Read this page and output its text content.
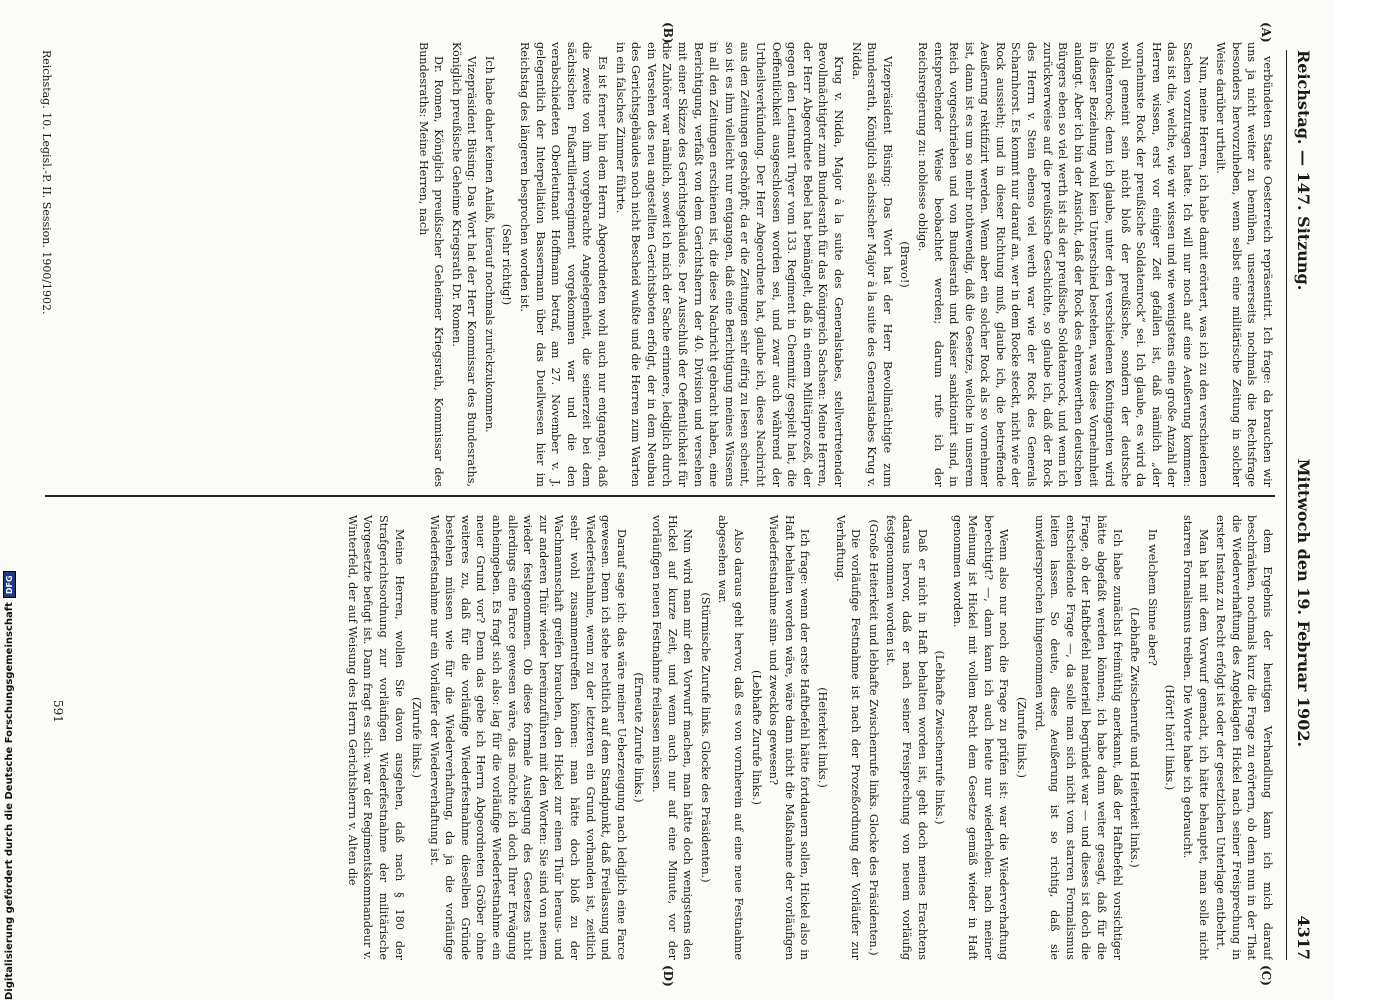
Reichstag. — 147. Sitzung.
Mittwoch den 19. Februar 1902.
4317
(A)
(B)
(C)
(D)
verbündeten Staate Oesterreich repräsentirt. Ich frage: da brauchen wir uns ja nicht weiter zu bemühen, unsererseits nochmals die Rechtsfrage besonders hervorzuheben, wenn selbst eine militärische Zeitung in solcher Weise darüber urtheilt.
Nun, meine Herren, ich habe damit erörtert, was ich zu den verschiedenen Sachen vorzutragen hatte. Ich will nur noch auf eine Aeußerung kommen: das ist die, welche, wie wir wissen und wie wenigstens eine große Anzahl der Herren wissen, erst vor einiger Zeit gefallen ist, daß nämlich „der vornehmste Rock der preußische Soldatenrock“ sei. Ich glaube, es wird da wohl gemeint sein nicht bloß der preußische, sondern der deutsche Soldatenrock; denn ich glaube, unter den verschiedenen Kontingenten wird in dieser Beziehung wohl kein Unterschied bestehen, was diese Vornehmheit anlangt. Aber ich bin der Ansicht, daß der Rock des ehrenwerthen deutschen Bürgers eben so viel werth ist als der preußische Soldatenrock, und wenn ich zurückverweise auf die preußische Geschichte, so glaube ich, daß der Rock des Herrn v. Stein ebenso viel werth war wie der Rock des Generals Scharnhorst. Es kommt nur darauf an, wer in dem Rocke steckt, nicht wie der Rock aussieht; und in dieser Richtung muß, glaube ich, die betreffende Aeußerung rektifizirt werden. Wenn aber ein solcher Rock als so vornehmer ist, dann ist es um so mehr nothwendig, daß die Gesetze, welche in unserem Reich vorgeschrieben und von Bundesrath und Kaiser sanktionirt sind, in entsprechender Weise beobachtet werden; darum rufe ich der Reichsregierung zu: noblesse oblige.
(Bravo!)
Vizepräsident Büsing: Das Wort hat der Herr Bevollmächtigte zum Bundesrath, Königlich sächsischer Major à la suite des Generalstabes Krug v. Nidda.
Krug v. Nidda, Major à la suite des Generalstabes, stellvertretender Bevollmächtigter zum Bundesrath für das Königreich Sachsen: Meine Herren, der Herr Abgeordnete Bebel hat bemängelt, daß in einem Militärprozeß, der gegen den Leutnant Thyer vom 133. Regiment in Chemnitz gespielt hat, die Oeffentlichkeit ausgeschlossen worden sei, und zwar auch während der Urtheilsverkündung. Der Herr Abgeordnete hat, glaube ich, diese Nachricht aus den Zeitungen geschöpft; da er die Zeitungen sehr eifrig zu lesen scheint, so ist es ihm vielleicht nur entgangen, daß eine Berichtigung meines Wissens in all den Zeitungen erschienen ist, die diese Nachricht gebracht haben, eine Berichtigung, verfaßt von dem Gerichtsherrn der 40. Division und versehen mit einer Skizze des Gerichtsgebäudes. Der Ausschluß der Oeffentlichkeit für die Zuhörer war nämlich, soweit ich mich der Sache erinnere, lediglich durch ein Versehen des neu angestellten Gerichtsboten erfolgt, der in dem Neubau des Gerichtsgebäudes noch nicht Bescheid wußte und die Herren zum Warten in ein falsches Zimmer führte.
Es ist ferner hin dem Herrn Abgeordneten wohl auch nur entgangen, daß die zweite von ihm vorgebrachte Angelegenheit, die seinerzeit bei dem sächsischen Fußartillerieregiment vorgekommen war und die den verabschiedeten Oberleutnant Hoffmann betraf, am 27. November v. J. gelegentlich der Interpellation Bassermann über das Duellwesen hier im Reichstag des längeren besprochen worden ist.
(Sehr richtig!)
Ich habe daher keinen Anlaß, hierauf nochmals zurückzukommen.
Vizepräsident Büsing: Das Wort hat der Herr Kommissar des Bundesraths, Königlich preußische Geheime Kriegsrath Dr. Romen.
Dr. Romen, Königlich preußischer Geheimer Kriegsrath, Kommissar des Bundesraths: Meine Herren, nach
dem Ergebnis der heutigen Verhandlung kann ich mich darauf beschränken, nochmals kurz die Frage zu erörtern, ob denn nun in der That die Wiederverhaftung des Angeklagten Hickel nach seiner Freisprechung in erster Instanz zu Recht erfolgt ist oder der gesetzlichen Unterlage entbehrt.
Man hat mit dem Vorwurf gemacht, ich hätte behauptet, man solle nicht starren Formalismus treiben. Die Worte habe ich gebraucht.
(Hört! hört! links.)
In welchem Sinne aber?
(Lebhafte Zwischenrufe und Heiterkeit links.)
Ich habe zunächst freimüthig anerkannt, daß der Haftbefehl vorsichtiger hätte abgefaßt werden können; ich habe dann weiter gesagt, daß für die Frage, ob der Haftbefehl materiell begründet war — und dieses ist doch die entscheidende Frage —, da solle man sich nicht vom starren Formalismus leiten lassen. So deute, diese Aeußerung ist so richtig, daß sie unwidersprochen hingenommen wird.
(Zurufe links.)
Wenn also nur noch die Frage zu prüfen ist: war die Wiederverhaftung berechtigt? —, dann kann ich auch heute nur wiederholen: nach meiner Meinung ist Hickel mit vollem Recht dem Gesetze gemäß wieder in Haft genommen worden.
(Lebhafte Zwischenrufe links.)
Daß er nicht in Haft behalten worden ist, geht doch meines Erachtens daraus hervor, daß er nach seiner Freisprechung von neuem vorläufig festgenommen worden ist.
(Große Heiterkeit und lebhafte Zwischenrufe links. Glocke des Präsidenten.)
Die vorläufige Festnahme ist nach der Prozeßordnung der Vorläufer zur Verhaftung.
(Heiterkeit links.)
Ich frage: wenn der erste Haftbefehl hätte fortdauern sollen, Hickel also in Haft behalten worden wäre, wäre dann nicht die Maßnahme der vorläufigen Wiederfestnahme sinn- und zwecklos gewesen?
(Lebhafte Zurufe links.)
Also daraus geht hervor, daß es von vornherein auf eine neue Festnahme abgesehen war.
(Stürmische Zurufe links. Glocke des Präsidenten.)
Nun wird man mir den Vorwurf machen, man hätte doch wenigstens den Hickel auf kurze Zeit, und wenn auch nur auf eine Minute, vor der vorläufigen neuen Festnahme freilassen müssen.
(Erneute Zurufe links.)
Darauf sage ich: das wäre meiner Ueberzeugung nach lediglich eine Farce gewesen. Denn ich stehe rechtlich auf dem Standpunkt, daß Freilassung und Wiederfestnahme, wenn zu der letzteren ein Grund vorhanden ist, zeitlich sehr wohl zusammentreffen können: man hätte doch bloß zu der Wachmannschaft greifen brauchen, den Hickel zur einen Thür heraus- und zur anderen Thür wieder hereinzuführen mit den Worten: Sie sind von neuem wieder festgenommen. Ob diese formale Auslegung des Gesetzes nicht allerdings eine Farce gewesen wäre, das möchte ich doch Ihrer Erwägung anheimgeben. Es fragt sich also: lag für die vorläufige Wiederfestnahme ein neuer Grund vor? Denn das gebe ich Herrn Abgeordneten Gröber ohne weiteres zu, daß für die vorläufige Wiederfestnahme dieselben Gründe bestehen müssen wie für die Wiederverhaftung, da ja die vorläufige Wiederfestnahme nur ein Vorläufer der Wiederverhaftung ist.
(Zurufe links.)
Meine Herren, wollen Sie davon ausgehen, daß nach § 180 der Strafgerichtsordnung zur vorläufigen Wiederfestnahme der militärische Vorgesetzte befugt ist. Dann fragt es sich: war der Regimentskommandeur v. Winterfeld, der auf Weisung des Herrn Gerichtsherrn v. Alten die
Reichstag. 10. Legisl.-P. II. Session. 1900/1902.
591
Digitalisierung gefördert durch die Deutsche Forschungsgemeinschaft
DFG
